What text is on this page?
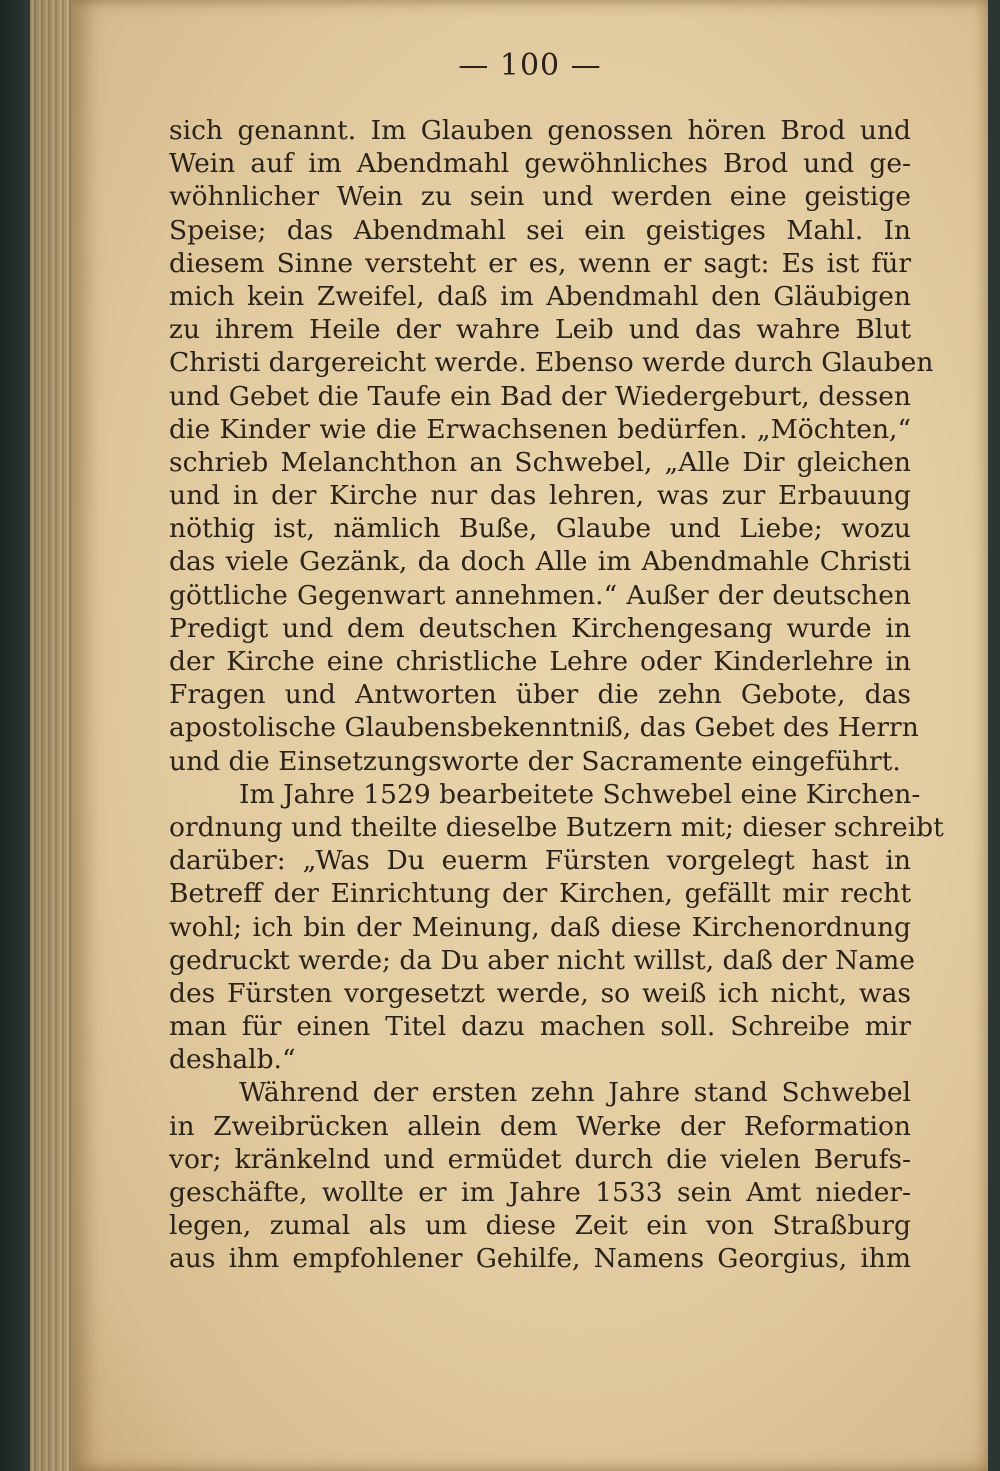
— 100 —
sich genannt. Im Glauben genossen hören Brod und
Wein auf im Abendmahl gewöhnliches Brod und ge-
wöhnlicher Wein zu sein und werden eine geistige
Speise; das Abendmahl sei ein geistiges Mahl. In
diesem Sinne versteht er es, wenn er sagt: Es ist für
mich kein Zweifel, daß im Abendmahl den Gläubigen
zu ihrem Heile der wahre Leib und das wahre Blut
Christi dargereicht werde. Ebenso werde durch Glauben
und Gebet die Taufe ein Bad der Wiedergeburt, dessen
die Kinder wie die Erwachsenen bedürfen. „Möchten,“
schrieb Melanchthon an Schwebel, „Alle Dir gleichen
und in der Kirche nur das lehren, was zur Erbauung
nöthig ist, nämlich Buße, Glaube und Liebe; wozu
das viele Gezänk, da doch Alle im Abendmahle Christi
göttliche Gegenwart annehmen.“ Außer der deutschen
Predigt und dem deutschen Kirchengesang wurde in
der Kirche eine christliche Lehre oder Kinderlehre in
Fragen und Antworten über die zehn Gebote, das
apostolische Glaubensbekenntniß, das Gebet des Herrn
und die Einsetzungsworte der Sacramente eingeführt.
Im Jahre 1529 bearbeitete Schwebel eine Kirchen-
ordnung und theilte dieselbe Butzern mit; dieser schreibt
darüber: „Was Du euerm Fürsten vorgelegt hast in
Betreff der Einrichtung der Kirchen, gefällt mir recht
wohl; ich bin der Meinung, daß diese Kirchenordnung
gedruckt werde; da Du aber nicht willst, daß der Name
des Fürsten vorgesetzt werde, so weiß ich nicht, was
man für einen Titel dazu machen soll. Schreibe mir
deshalb.“
Während der ersten zehn Jahre stand Schwebel
in Zweibrücken allein dem Werke der Reformation
vor; kränkelnd und ermüdet durch die vielen Berufs-
geschäfte, wollte er im Jahre 1533 sein Amt nieder-
legen, zumal als um diese Zeit ein von Straßburg
aus ihm empfohlener Gehilfe, Namens Georgius, ihm
